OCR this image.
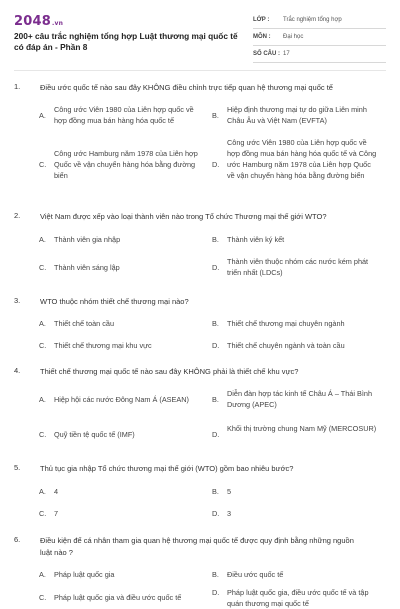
2048.vn
200+ câu trắc nghiệm tổng hợp Luật thương mại quốc tế có đáp án - Phần 8
LỚP : Trắc nghiệm tổng hợp
MÔN : Đại học
SỐ CÂU : 17
1.	Điều ước quốc tế nào sau đây KHÔNG điều chỉnh trực tiếp quan hệ thương mại quốc tế
A.
Công ước Viên 1980 của Liên hợp quốc về hợp đồng mua bán hàng hóa quốc tế
B.
Hiệp định thương mại tự do giữa Liên minh Châu Âu và Việt Nam (EVFTA)
C.
Công ước Hamburg năm 1978 của Liên hợp Quốc về vận chuyển hàng hóa bằng đường biển
D.
Công ước Viên 1980 của Liên hợp quốc về hợp đồng mua bán hàng hóa quốc tế và Công ước Hamburg năm 1978 của Liên hợp Quốc về vận chuyển hàng hóa bằng đường biển
2.	Việt Nam được xếp vào loại thành viên nào trong Tổ chức Thương mại thế giới WTO?
A. Thành viên gia nhập	B. Thành viên ký kết
C. Thành viên sáng lập	D.
Thành viên thuộc nhóm các nước kém phát triển nhất (LDCs)
3.	WTO thuộc nhóm thiết chế thương mại nào?
A. Thiết chế toàn cầu	B. Thiết chế thương mại chuyên ngành
C. Thiết chế thương mại khu vực	D. Thiết chế chuyên ngành và toàn cầu
4.	Thiết chế thương mại quốc tế nào sau đây KHÔNG phải là thiết chế khu vực?
A. Hiệp hội các nước Đông Nam Á (ASEAN)	B.
Diễn đàn hợp tác kinh tế Châu Á – Thái Bình Dương (APEC)
C. Quỹ tiền tệ quốc tế (IMF)	D.
Khối thị trường chung Nam Mỹ (MERCOSUR)
5.	Thủ tục gia nhập Tổ chức thương mại thế giới (WTO) gồm bao nhiêu bước?
A. 4	B. 5
C. 7	D. 3
6.	Điều kiện để cá nhân tham gia quan hệ thương mại quốc tế được quy định bằng những nguồn luật nào ?
A. Pháp luật quốc gia	B. Điều ước quốc tế
C. Pháp luật quốc gia và điều ước quốc tế
D. Pháp luật quốc gia, điều ước quốc tế và tập quán thương mại quốc tế
